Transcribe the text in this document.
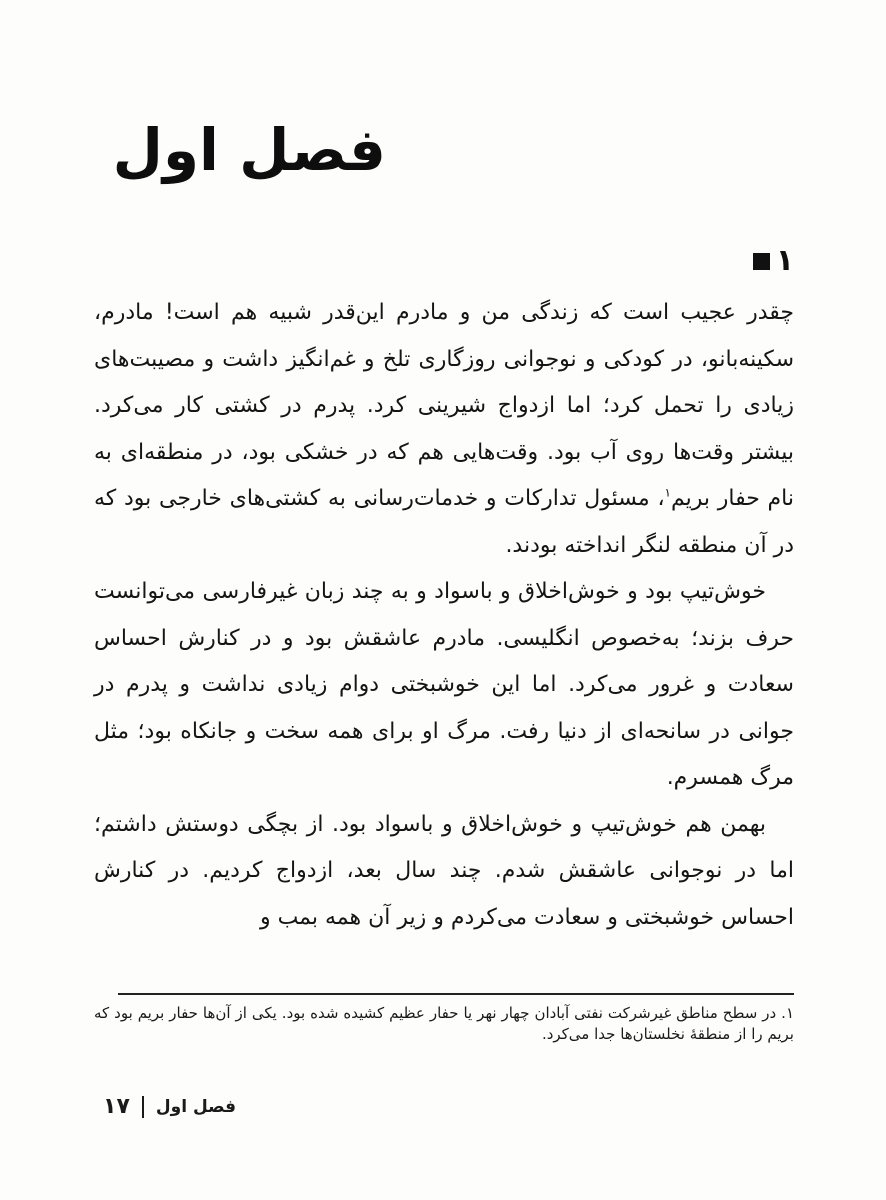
فصل اول
۱

چقدر عجیب است که زندگی من و مادرم این‌قدر شبیه هم است! مادرم، سکینه‌بانو، در کودکی و نوجوانی روزگاری تلخ و غم‌انگیز داشت و مصیبت‌های زیادی را تحمل کرد؛ اما ازدواج شیرینی کرد. پدرم در کشتی کار می‌کرد. بیشتر وقت‌ها روی آب بود. وقت‌هایی هم که در خشکی بود، در منطقه‌ای به نام حفار بریم$^۱$، مسئول تدارکات و خدمات‌رسانی به کشتی‌های خارجی بود که در آن منطقه لنگر انداخته بودند.

خوش‌تیپ بود و خوش‌اخلاق و باسواد و به چند زبان غیرفارسی می‌توانست حرف بزند؛ به‌خصوص انگلیسی. مادرم عاشقش بود و در کنارش احساس سعادت و غرور می‌کرد. اما این خوشبختی دوام زیادی نداشت و پدرم در جوانی در سانحه‌ای از دنیا رفت. مرگ او برای همه سخت و جانکاه بود؛ مثل مرگ همسرم.

بهمن هم خوش‌تیپ و خوش‌اخلاق و باسواد بود. از بچگی دوستش داشتم؛ اما در نوجوانی عاشقش شدم. چند سال بعد، ازدواج کردیم. در کنارش احساس خوشبختی و سعادت می‌کردم و زیر آن همه بمب و

۱. در سطح مناطق غیرشرکت نفتی آبادان چهار نهر یا حفار عظیم کشیده شده بود. یکی از آن‌ها حفار بریم بود که بریم را از منطقهٔ نخلستان‌ها جدا می‌کرد.

فصل اول
۱۷
